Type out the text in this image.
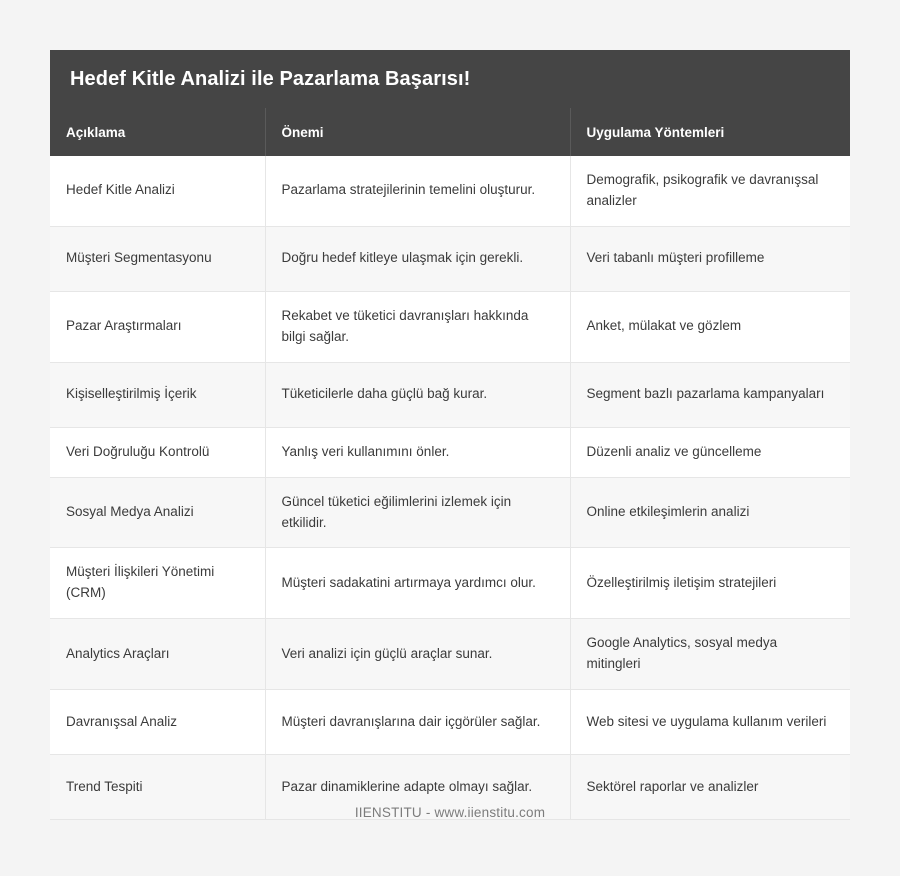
Hedef Kitle Analizi ile Pazarlama Başarısı!
Açıklama	Önemi	Uygulama Yöntemleri
Hedef Kitle Analizi	Pazarlama stratejilerinin temelini oluşturur.	Demografik, psikografik ve davranışsal analizler
Müşteri Segmentasyonu	Doğru hedef kitleye ulaşmak için gerekli.	Veri tabanlı müşteri profilleme
Pazar Araştırmaları	Rekabet ve tüketici davranışları hakkında bilgi sağlar.	Anket, mülakat ve gözlem
Kişiselleştirilmiş İçerik	Tüketicilerle daha güçlü bağ kurar.	Segment bazlı pazarlama kampanyaları
Veri Doğruluğu Kontrolü	Yanlış veri kullanımını önler.	Düzenli analiz ve güncelleme
Sosyal Medya Analizi	Güncel tüketici eğilimlerini izlemek için etkilidir.	Online etkileşimlerin analizi
Müşteri İlişkileri Yönetimi (CRM)	Müşteri sadakatini artırmaya yardımcı olur.	Özelleştirilmiş iletişim stratejileri
Analytics Araçları	Veri analizi için güçlü araçlar sunar.	Google Analytics, sosyal medya mitingleri
Davranışsal Analiz	Müşteri davranışlarına dair içgörüler sağlar.	Web sitesi ve uygulama kullanım verileri
Trend Tespiti	Pazar dinamiklerine adapte olmayı sağlar.	Sektörel raporlar ve analizler
IIENSTITU - www.iienstitu.com
